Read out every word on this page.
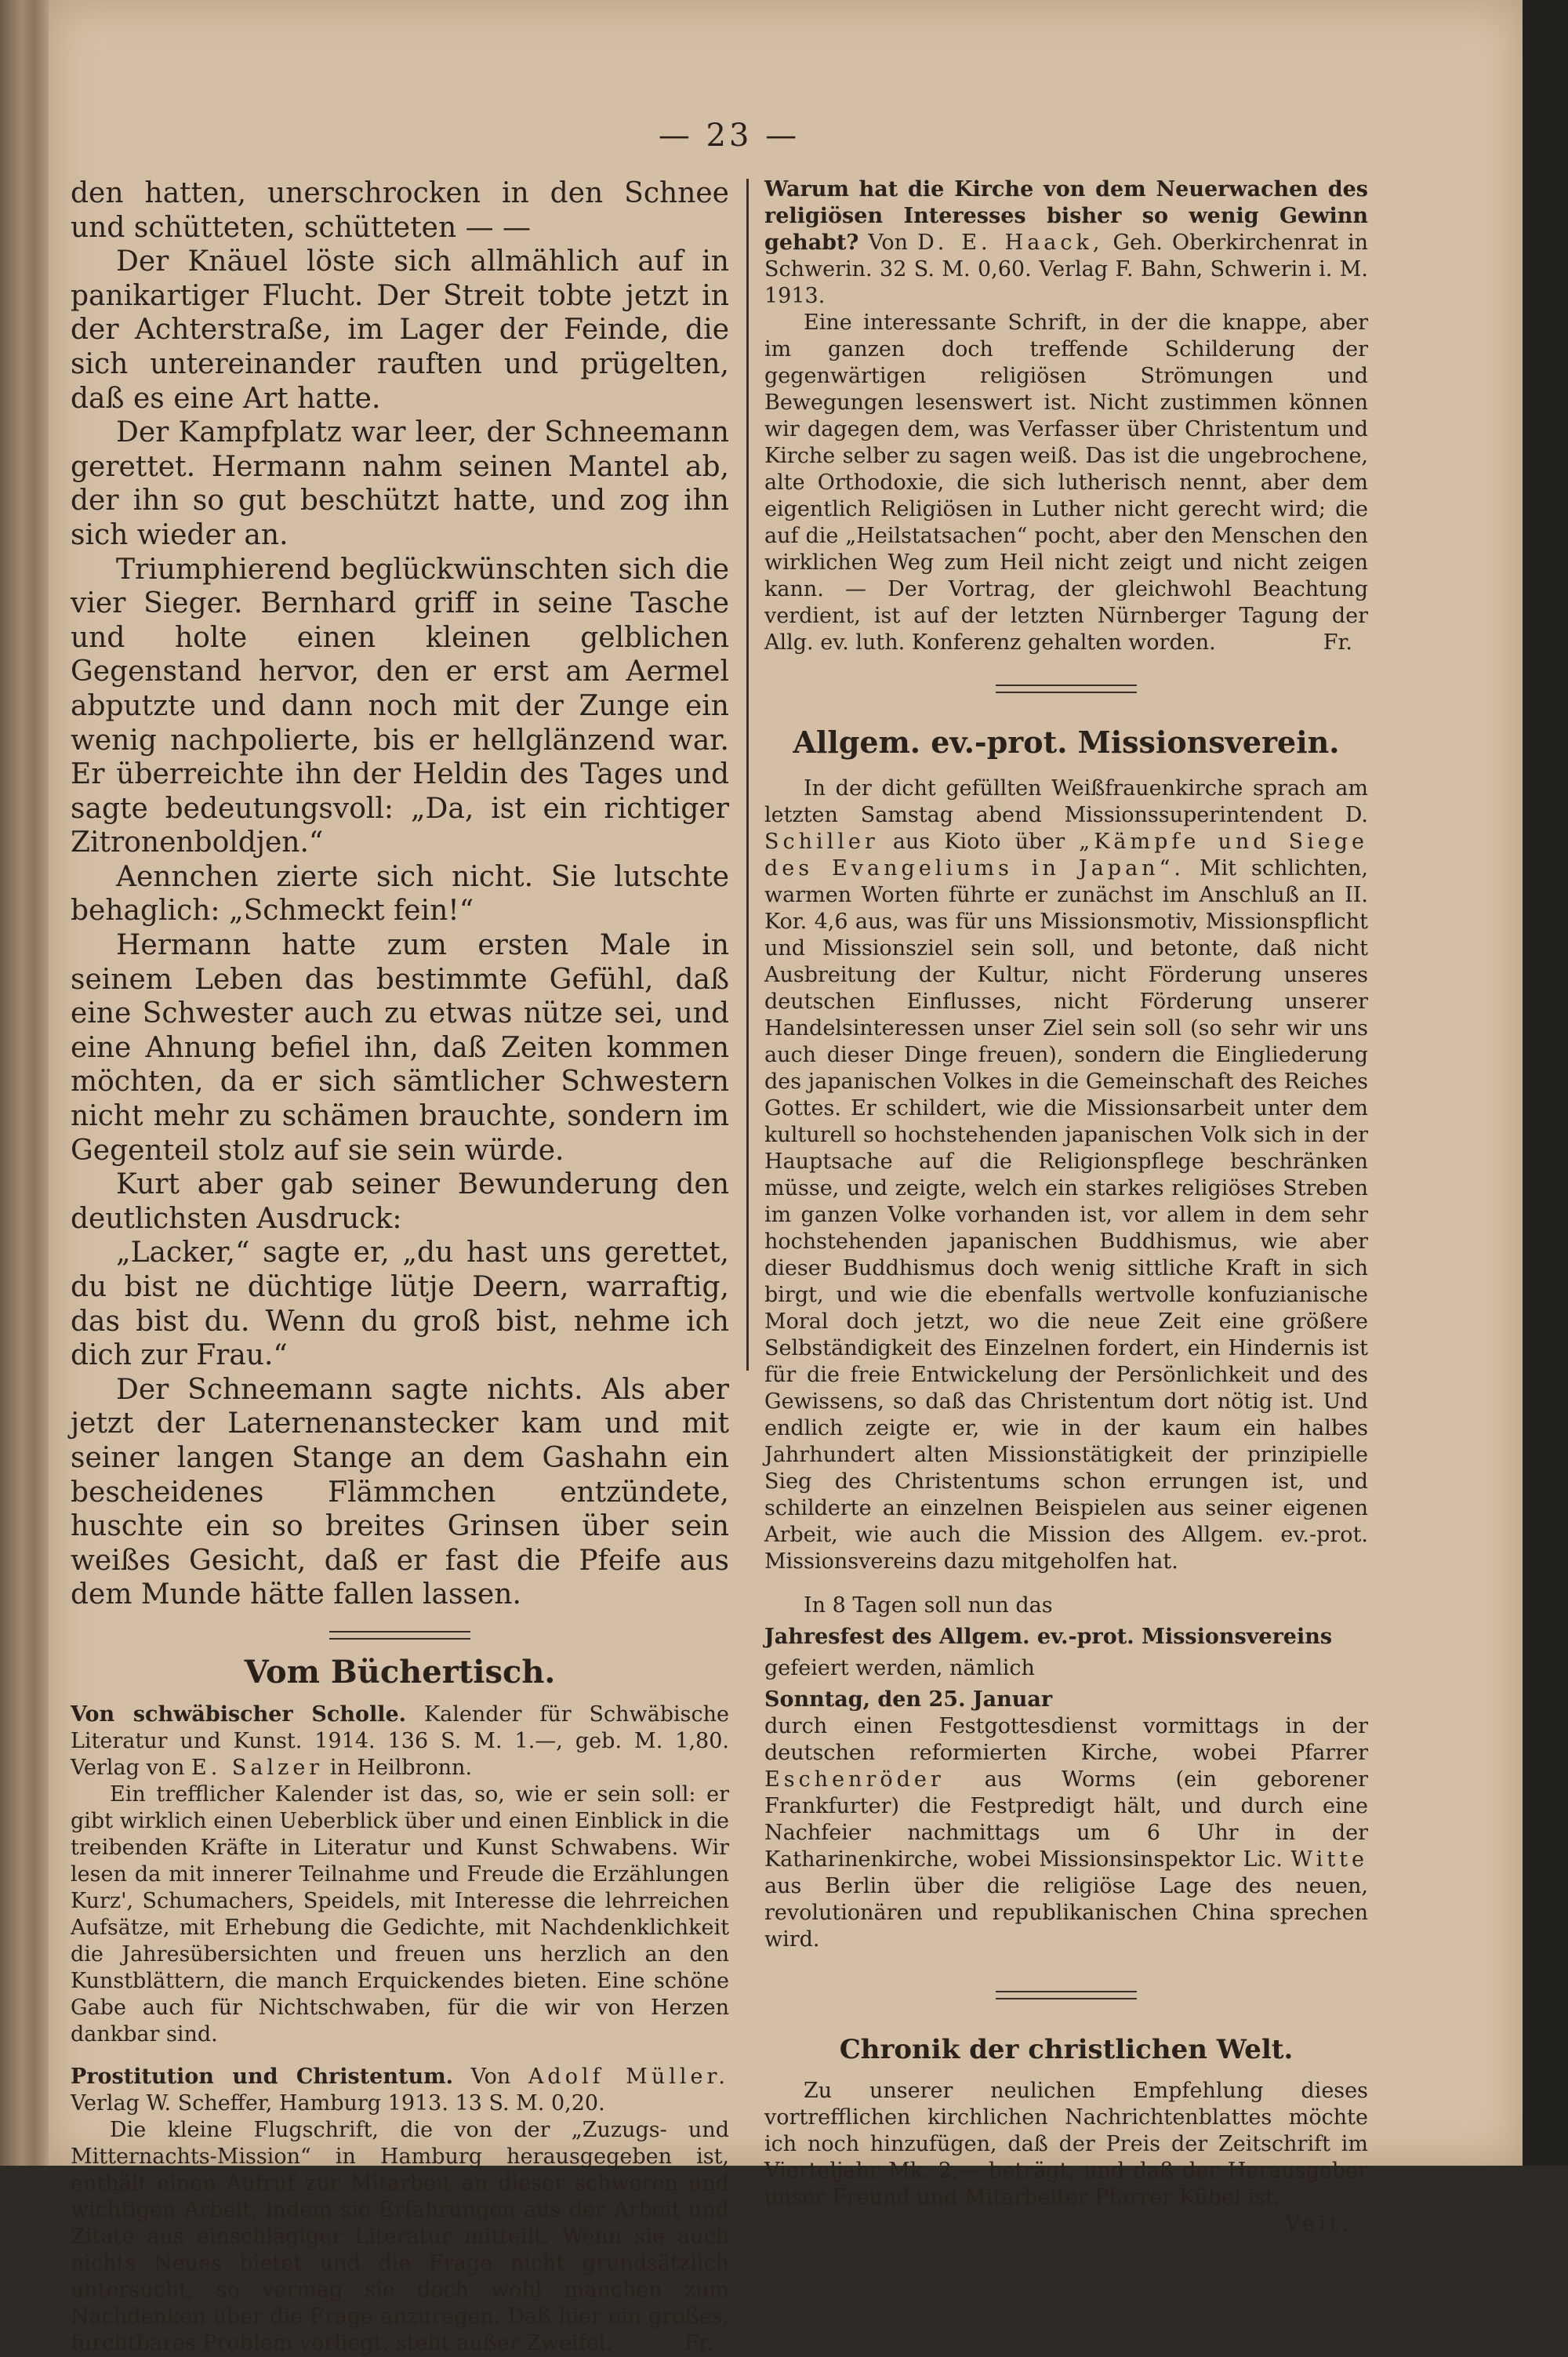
— 23 —

den hatten, unerschrocken in den Schnee und schütteten, schütteten — —

Der Knäuel löste sich allmählich auf in panikartiger Flucht. Der Streit tobte jetzt in der Achterstraße, im Lager der Feinde, die sich untereinander rauften und prügelten, daß es eine Art hatte.

Der Kampfplatz war leer, der Schneemann gerettet. Hermann nahm seinen Mantel ab, der ihn so gut beschützt hatte, und zog ihn sich wieder an.

Triumphierend beglückwünschten sich die vier Sieger. Bernhard griff in seine Tasche und holte einen kleinen gelblichen Gegenstand hervor, den er erst am Aermel abputzte und dann noch mit der Zunge ein wenig nachpolierte, bis er hellglänzend war. Er überreichte ihn der Heldin des Tages und sagte bedeutungsvoll: „Da, ist ein richtiger Zitronenboldjen.“

Aennchen zierte sich nicht. Sie lutschte behaglich: „Schmeckt fein!“

Hermann hatte zum ersten Male in seinem Leben das bestimmte Gefühl, daß eine Schwester auch zu etwas nütze sei, und eine Ahnung befiel ihn, daß Zeiten kommen möchten, da er sich sämtlicher Schwestern nicht mehr zu schämen brauchte, sondern im Gegenteil stolz auf sie sein würde.

Kurt aber gab seiner Bewunderung den deutlichsten Ausdruck:

„Lacker,“ sagte er, „du hast uns gerettet, du bist ne düchtige lütje Deern, warraftig, das bist du. Wenn du groß bist, nehme ich dich zur Frau.“

Der Schneemann sagte nichts. Als aber jetzt der Laternenanstecker kam und mit seiner langen Stange an dem Gashahn ein bescheidenes Flämmchen entzündete, huschte ein so breites Grinsen über sein weißes Gesicht, daß er fast die Pfeife aus dem Munde hätte fallen lassen.

Vom Büchertisch.

Von schwäbischer Scholle. Kalender für Schwäbische Literatur und Kunst. 1914. 136 S. M. 1.—, geb. M. 1,80. Verlag von E. Salzer in Heilbronn.

Ein trefflicher Kalender ist das, so, wie er sein soll: er gibt wirklich einen Ueberblick über und einen Einblick in die treibenden Kräfte in Literatur und Kunst Schwabens. Wir lesen da mit innerer Teilnahme und Freude die Erzählungen Kurz', Schumachers, Speidels, mit Interesse die lehrreichen Aufsätze, mit Erhebung die Gedichte, mit Nachdenklichkeit die Jahresübersichten und freuen uns herzlich an den Kunstblättern, die manch Erquickendes bieten. Eine schöne Gabe auch für Nichtschwaben, für die wir von Herzen dankbar sind.

Prostitution und Christentum. Von Adolf Müller. Verlag W. Scheffer, Hamburg 1913. 13 S. M. 0,20.

Die kleine Flugschrift, die von der „Zuzugs- und Mitternachts-Mission“ in Hamburg herausgegeben ist, enthält einen Aufruf zur Mitarbeit an dieser schweren und wichtigen Arbeit, indem sie Erfahrungen aus der Arbeit und Zitate aus einschlägiger Literatur mitteilt. Wenn sie auch nichts Neues bietet und die Frage nicht grundsätzlich untersucht, so vermag sie doch wohl manchen zum Nachdenken über die Frage anzuregen. Daß hier ein großes, furchtbares Problem vorliegt, steht außer Zweifel.	Fr.

Warum hat die Kirche von dem Neuerwachen des religiösen Interesses bisher so wenig Gewinn gehabt? Von D. E. Haack, Geh. Oberkirchenrat in Schwerin. 32 S. M. 0,60. Verlag F. Bahn, Schwerin i. M. 1913.

Eine interessante Schrift, in der die knappe, aber im ganzen doch treffende Schilderung der gegenwärtigen religiösen Strömungen und Bewegungen lesenswert ist. Nicht zustimmen können wir dagegen dem, was Verfasser über Christentum und Kirche selber zu sagen weiß. Das ist die ungebrochene, alte Orthodoxie, die sich lutherisch nennt, aber dem eigentlich Religiösen in Luther nicht gerecht wird; die auf die „Heilstatsachen“ pocht, aber den Menschen den wirklichen Weg zum Heil nicht zeigt und nicht zeigen kann. — Der Vortrag, der gleichwohl Beachtung verdient, ist auf der letzten Nürnberger Tagung der Allg. ev. luth. Konferenz gehalten worden.	Fr.

Allgem. ev.-prot. Missionsverein.

In der dicht gefüllten Weißfrauenkirche sprach am letzten Samstag abend Missionssuperintendent D. Schiller aus Kioto über „Kämpfe und Siege des Evangeliums in Japan“. Mit schlichten, warmen Worten führte er zunächst im Anschluß an II. Kor. 4,6 aus, was für uns Missionsmotiv, Missionspflicht und Missionsziel sein soll, und betonte, daß nicht Ausbreitung der Kultur, nicht Förderung unseres deutschen Einflusses, nicht Förderung unserer Handelsinteressen unser Ziel sein soll (so sehr wir uns auch dieser Dinge freuen), sondern die Eingliederung des japanischen Volkes in die Gemeinschaft des Reiches Gottes. Er schildert, wie die Missionsarbeit unter dem kulturell so hochstehenden japanischen Volk sich in der Hauptsache auf die Religionspflege beschränken müsse, und zeigte, welch ein starkes religiöses Streben im ganzen Volke vorhanden ist, vor allem in dem sehr hochstehenden japanischen Buddhismus, wie aber dieser Buddhismus doch wenig sittliche Kraft in sich birgt, und wie die ebenfalls wertvolle konfuzianische Moral doch jetzt, wo die neue Zeit eine größere Selbständigkeit des Einzelnen fordert, ein Hindernis ist für die freie Entwickelung der Persönlichkeit und des Gewissens, so daß das Christentum dort nötig ist. Und endlich zeigte er, wie in der kaum ein halbes Jahrhundert alten Missionstätigkeit der prinzipielle Sieg des Christentums schon errungen ist, und schilderte an einzelnen Beispielen aus seiner eigenen Arbeit, wie auch die Mission des Allgem. ev.-prot. Missionsvereins dazu mitgeholfen hat.

In 8 Tagen soll nun das

Jahresfest des Allgem. ev.-prot. Missionsvereins

gefeiert werden, nämlich

Sonntag, den 25. Januar

durch einen Festgottesdienst vormittags in der deutschen reformierten Kirche, wobei Pfarrer Eschenröder aus Worms (ein geborener Frankfurter) die Festpredigt hält, und durch eine Nachfeier nachmittags um 6 Uhr in der Katharinenkirche, wobei Missionsinspektor Lic. Witte aus Berlin über die religiöse Lage des neuen, revolutionären und republikanischen China sprechen wird.

Chronik der christlichen Welt.

Zu unserer neulichen Empfehlung dieses vortrefflichen kirchlichen Nachrichtenblattes möchte ich noch hinzufügen, daß der Preis der Zeitschrift im Vierteljahr Mk. 2,— beträgt, und daß der Herausgeber unser Freund und Mitarbeiter Pfarrer Kübel ist.
Veit.
